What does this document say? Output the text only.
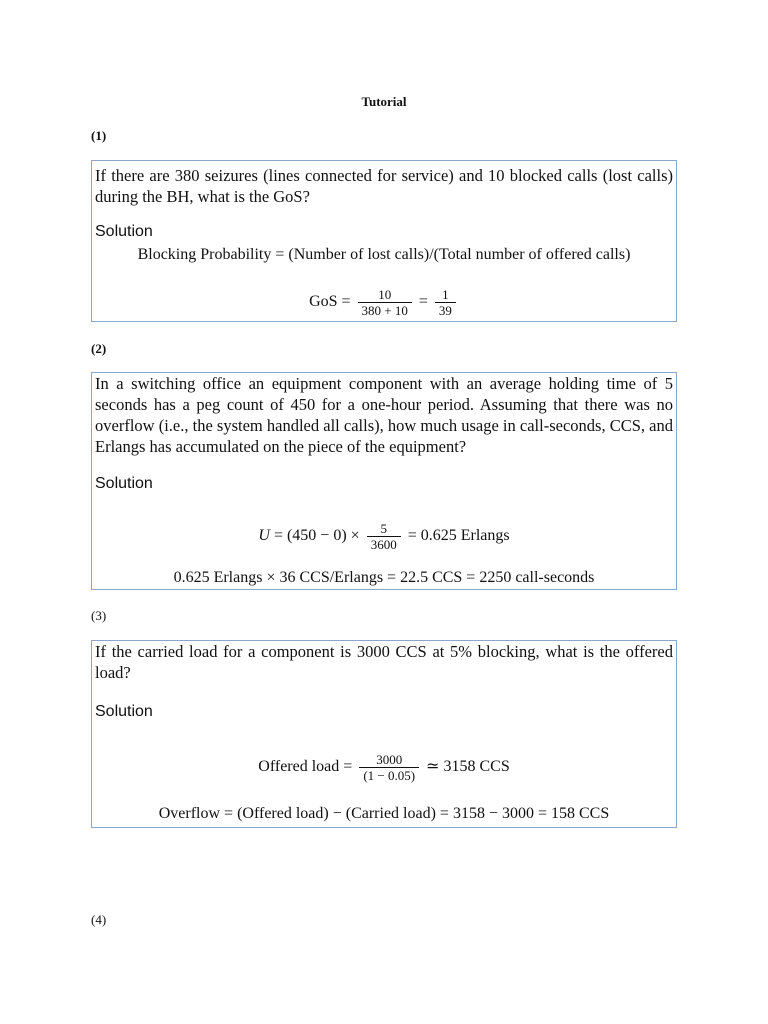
Tutorial
(1)
If there are 380 seizures (lines connected for service) and 10 blocked calls (lost calls) during the BH, what is the GoS?
Solution
Blocking Probability = (Number of lost calls)/(Total number of offered calls)
GoS = $\frac{10}{380 + 10} = \frac{1}{39}$
(2)
In a switching office an equipment component with an average holding time of 5 seconds has a peg count of 450 for a one-hour period. Assuming that there was no overflow (i.e., the system handled all calls), how much usage in call-seconds, CCS, and Erlangs has accumulated on the piece of the equipment?
Solution
$U = (450 - 0) \times \frac{5}{3600} = 0.625$ Erlangs
0.625 Erlangs × 36 CCS/Erlangs = 22.5 CCS = 2250 call-seconds
(3)
If the carried load for a component is 3000 CCS at 5% blocking, what is the offered load?
Solution
Offered load = $\frac{3000}{(1 - 0.05)}$ ≃ 3158 CCS
Overflow = (Offered load) − (Carried load) = 3158 − 3000 = 158 CCS
(4)
